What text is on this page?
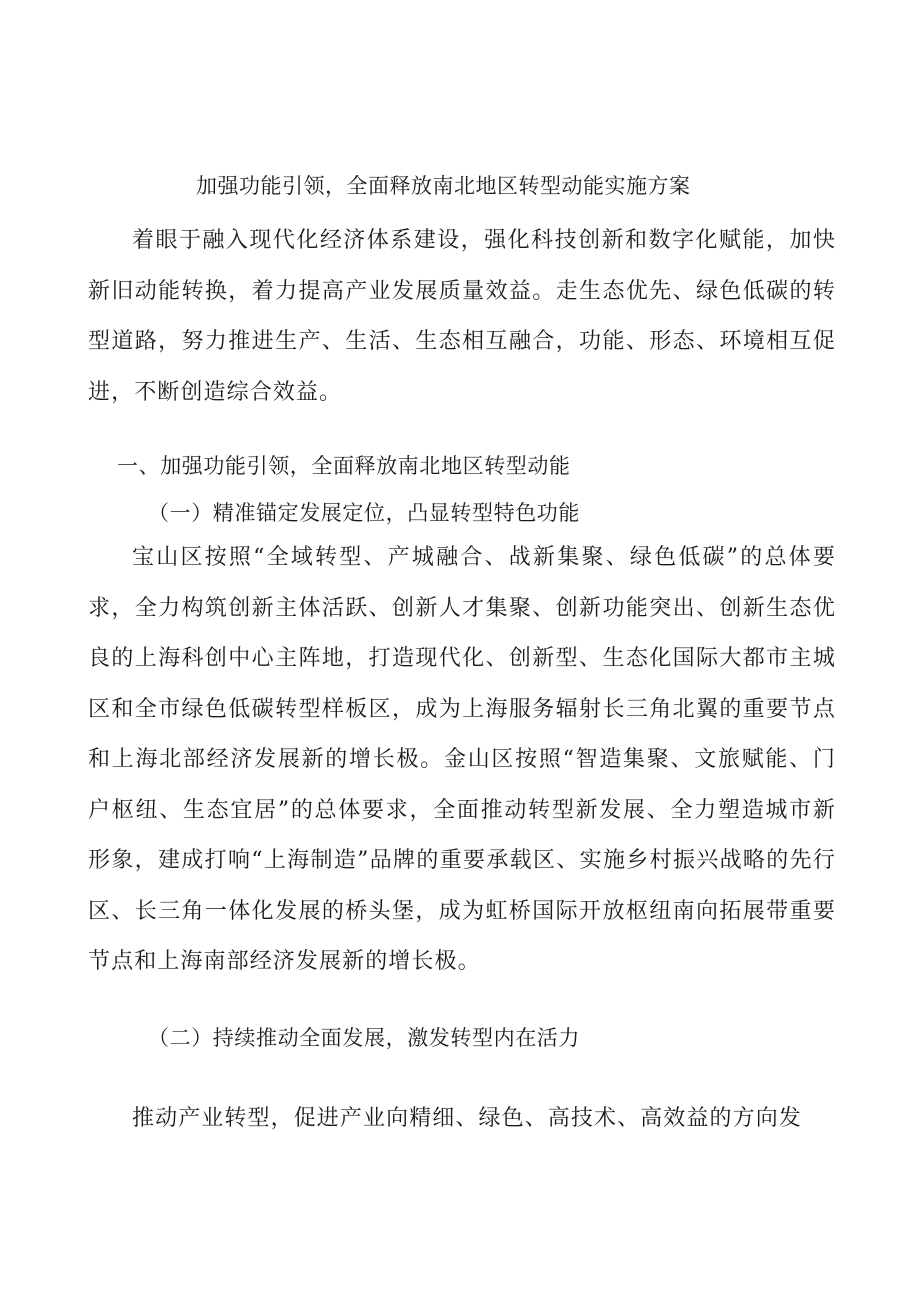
加强功能引领，全面释放南北地区转型动能实施方案

着眼于融入现代化经济体系建设，强化科技创新和数字化赋能，加快新旧动能转换，着力提高产业发展质量效益。走生态优先、绿色低碳的转型道路，努力推进生产、生活、生态相互融合，功能、形态、环境相互促进，不断创造综合效益。

一、加强功能引领，全面释放南北地区转型动能
（一）精准锚定发展定位，凸显转型特色功能

宝山区按照“全域转型、产城融合、战新集聚、绿色低碳”的总体要求，全力构筑创新主体活跃、创新人才集聚、创新功能突出、创新生态优良的上海科创中心主阵地，打造现代化、创新型、生态化国际大都市主城区和全市绿色低碳转型样板区，成为上海服务辐射长三角北翼的重要节点和上海北部经济发展新的增长极。金山区按照“智造集聚、文旅赋能、门户枢纽、生态宜居”的总体要求，全面推动转型新发展、全力塑造城市新形象，建成打响“上海制造”品牌的重要承载区、实施乡村振兴战略的先行区、长三角一体化发展的桥头堡，成为虹桥国际开放枢纽南向拓展带重要节点和上海南部经济发展新的增长极。

（二）持续推动全面发展，激发转型内在活力

推动产业转型，促进产业向精细、绿色、高技术、高效益的方向发
